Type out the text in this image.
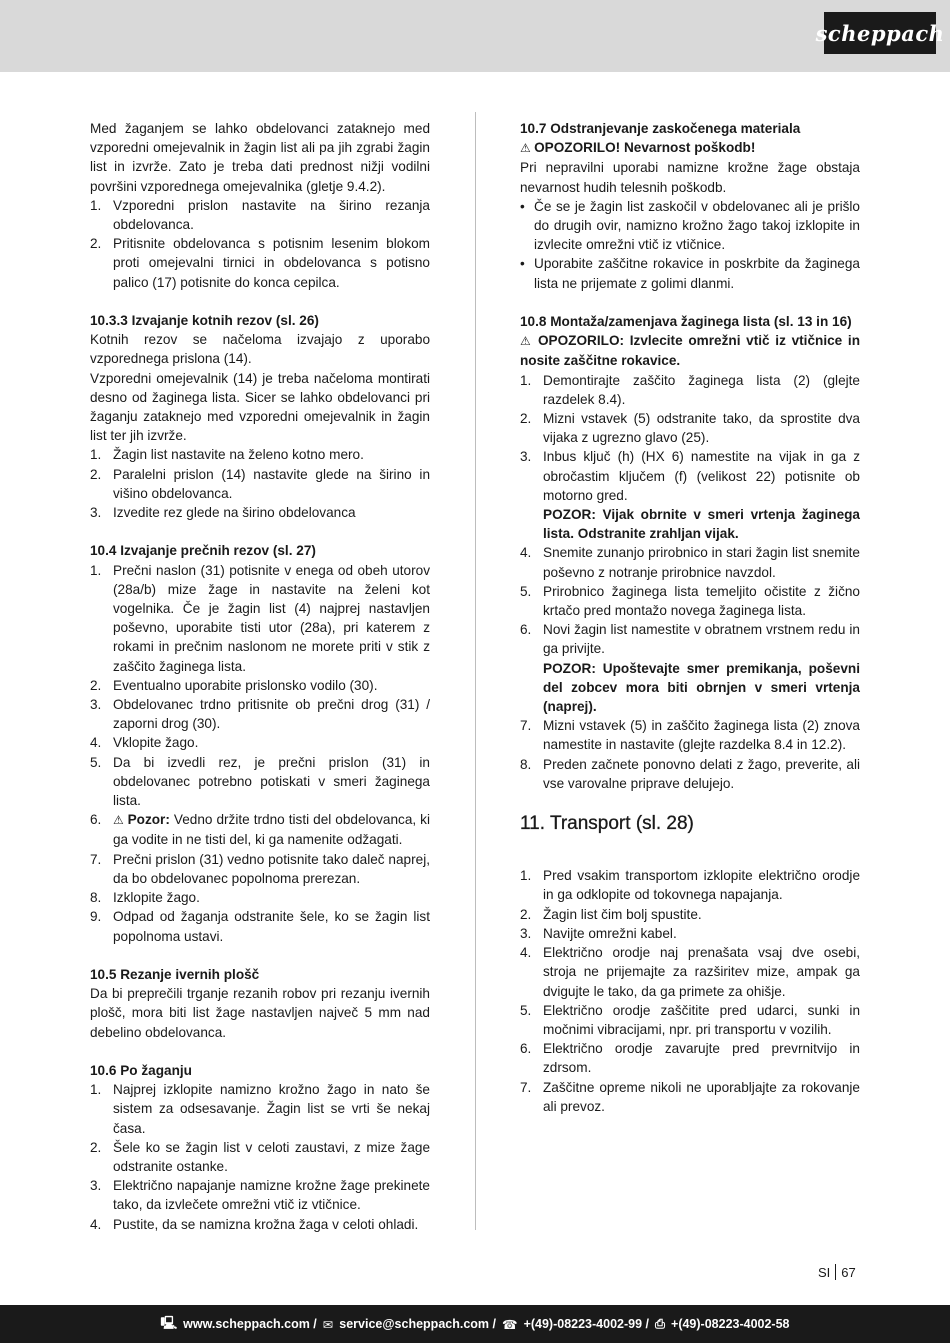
scheppach

Med žaganjem se lahko obdelovanci zataknejo med vzporedni omejevalnik in žagin list ali pa jih zgrabi žagin list in izvrže. Zato je treba dati prednost nižji vodilni površini vzporednega omejevalnika (gletje 9.4.2).

1. Vzporedni prislon nastavite na širino rezanja obdelovanca.
2. Pritisnite obdelovanca s potisnim lesenim blokom proti omejevalni tirnici in obdelovanca s potisno palico (17) potisnite do konca cepilca.
10.3.3 Izvajanje kotnih rezov (sl. 26)

Kotnih rezov se načeloma izvajajo z uporabo vzporednega prislona (14).

Vzporedni omejevalnik (14) je treba načeloma montirati desno od žaginega lista. Sicer se lahko obdelovanci pri žaganju zataknejo med vzporedni omejevalnik in žagin list ter jih izvrže.

1. Žagin list nastavite na želeno kotno mero.
2. Paralelni prislon (14) nastavite glede na širino in višino obdelovanca.
3. Izvedite rez glede na širino obdelovanca
10.4 Izvajanje prečnih rezov (sl. 27)
1. Prečni naslon (31) potisnite v enega od obeh utorov (28a/b) mize žage in nastavite na želeni kot vogelnika. Če je žagin list (4) najprej nastavljen poševno, uporabite tisti utor (28a), pri katerem z rokami in prečnim naslonom ne morete priti v stik z zaščito žaginega lista.
2. Eventualno uporabite prislonsko vodilo (30).
3. Obdelovanec trdno pritisnite ob prečni drog (31) / zaporni drog (30).
4. Vklopite žago.
5. Da bi izvedli rez, je prečni prislon (31) in obdelovanec potrebno potiskati v smeri žaginega lista.
6. ⚠ Pozor: Vedno držite trdno tisti del obdelovanca, ki ga vodite in ne tisti del, ki ga namenite odžagati.
7. Prečni prislon (31) vedno potisnite tako daleč naprej, da bo obdelovanec popolnoma prerezan.
8. Izklopite žago.
9. Odpad od žaganja odstranite šele, ko se žagin list popolnoma ustavi.
10.5 Rezanje ivernih plošč

Da bi preprečili trganje rezanih robov pri rezanju ivernih plošč, mora biti list žage nastavljen največ 5 mm nad debelino obdelovanca.

10.6 Po žaganju
1. Najprej izklopite namizno krožno žago in nato še sistem za odsesavanje. Žagin list se vrti še nekaj časa.
2. Šele ko se žagin list v celoti zaustavi, z mize žage odstranite ostanke.
3. Električno napajanje namizne krožne žage prekinete tako, da izvlečete omrežni vtič iz vtičnice.
4. Pustite, da se namizna krožna žaga v celoti ohladi.
10.7 Odstranjevanje zaskočenega materiala
⚠ OPOZORILO! Nevarnost poškodb!

Pri nepravilni uporabi namizne krožne žage obstaja nevarnost hudih telesnih poškodb.

• Če se je žagin list zaskočil v obdelovanec ali je prišlo do drugih ovir, namizno krožno žago takoj izklopite in izvlecite omrežni vtič iz vtičnice.
• Uporabite zaščitne rokavice in poskrbite da žaginega lista ne prijemate z golimi dlanmi.
10.8 Montaža/zamenjava žaginega lista (sl. 13 in 16)
⚠ OPOZORILO: Izvlecite omrežni vtič iz vtičnice in nosite zaščitne rokavice.
1. Demontirajte zaščito žaginega lista (2) (glejte razdelek 8.4).
2. Mizni vstavek (5) odstranite tako, da sprostite dva vijaka z ugrezno glavo (25).
3. Inbus ključ (h) (HX 6) namestite na vijak in ga z obročastim ključem (f) (velikost 22) potisnite ob motorno gred.
POZOR: Vijak obrnite v smeri vrtenja žaginega lista. Odstranite zrahljan vijak.
4. Snemite zunanjo prirobnico in stari žagin list snemite poševno z notranje prirobnice navzdol.
5. Prirobnico žaginega lista temeljito očistite z žično krtačo pred montažo novega žaginega lista.
6. Novi žagin list namestite v obratnem vrstnem redu in ga privijte.
POZOR: Upoštevajte smer premikanja, poševni del zobcev mora biti obrnjen v smeri vrtenja (naprej).
7. Mizni vstavek (5) in zaščito žaginega lista (2) znova namestite in nastavite (glejte razdelka 8.4 in 12.2).
8. Preden začnete ponovno delati z žago, preverite, ali vse varovalne priprave delujejo.
11. Transport (sl. 28)
1. Pred vsakim transportom izklopite električno orodje in ga odklopite od tokovnega napajanja.
2. Žagin list čim bolj spustite.
3. Navijte omrežni kabel.
4. Električno orodje naj prenašata vsaj dve osebi, stroja ne prijemajte za razširitev mize, ampak ga dvigujte le tako, da ga primete za ohišje.
5. Električno orodje zaščitite pred udarci, sunki in močnimi vibracijami, npr. pri transportu v vozilih.
6. Električno orodje zavarujte pred prevrnitvijo in zdrsom.
7. Zaščitne opreme nikoli ne uporabljajte za rokovanje ali prevoz.
SI 67
🖳 www.scheppach.com / ✉ service@scheppach.com / ☎ +(49)-08223-4002-99 / ⎙ +(49)-08223-4002-58
